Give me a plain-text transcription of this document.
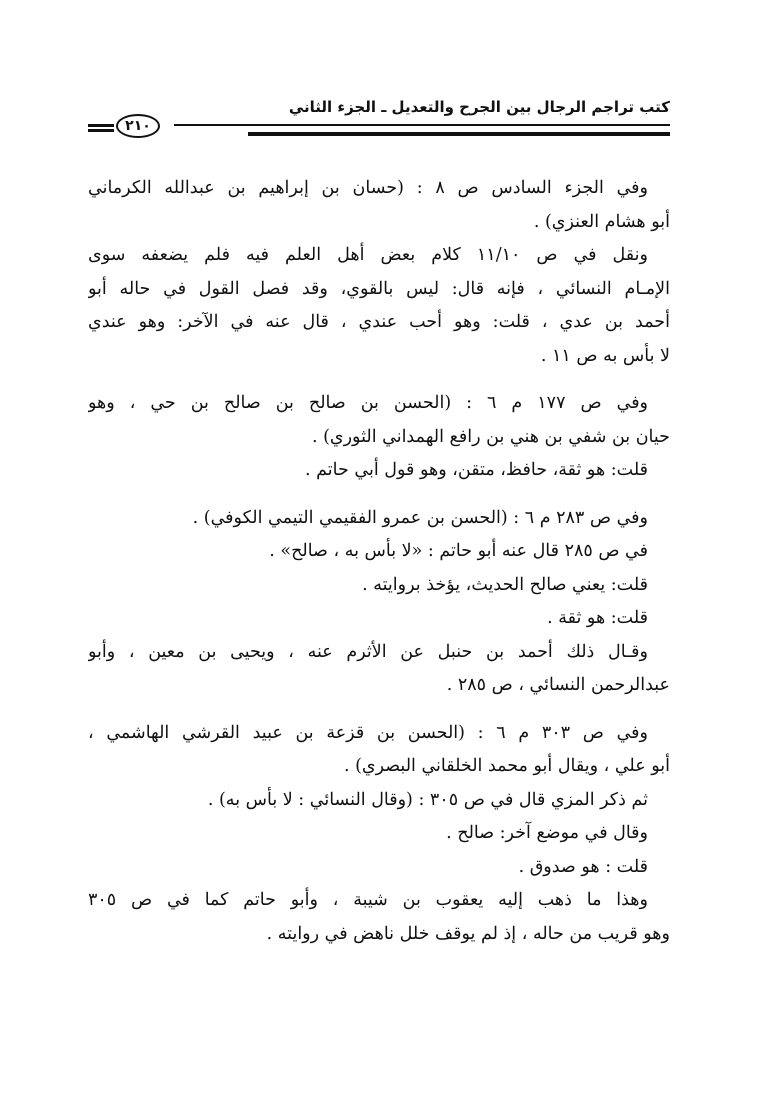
كتب تراجم الرجال بين الجرح والتعديل ـ الجزء الثاني
٢١٠
وفي الجزء السادس ص ٨ : (حسان بن إبراهيم بن عبدالله الكرماني
أبو هشام العنزي) .
ونقل في ص ١١/١٠ كلام بعض أهل العلم فيه فلم يضعفه سوى
الإمـام النسائي ، فإنه قال: ليس بالقوي، وقد فصل القول في حاله أبو
أحمد بن عدي ، قلت: وهو أحب عندي ، قال عنه في الآخر: وهو عندي
لا بأس به ص ١١ .
وفي ص ١٧٧ م ٦ : (الحسن بن صالح بن صالح بن حي ، وهو
حيان بن شفي بن هني بن رافع الهمداني الثوري) .
قلت: هو ثقة، حافظ، متقن، وهو قول أبي حاتم .
وفي ص ٢٨٣ م ٦ : (الحسن بن عمرو الفقيمي التيمي الكوفي) .
في ص ٢٨٥ قال عنه أبو حاتم : «لا بأس به ، صالح» .
قلت: يعني صالح الحديث، يؤخذ بروايته .
قلت: هو ثقة .
وقـال ذلك أحمد بن حنبل عن الأثرم عنه ، ويحيى بن معين ، وأبو
عبدالرحمن النسائي ، ص ٢٨٥ .
وفي ص ٣٠٣ م ٦ : (الحسن بن قزعة بن عبيد القرشي الهاشمي ،
أبو علي ، ويقال أبو محمد الخلقاني البصري) .
ثم ذكر المزي قال في ص ٣٠٥ : (وقال النسائي : لا بأس به) .
وقال في موضع آخر: صالح .
قلت : هو صدوق .
وهذا ما ذهب إليه يعقوب بن شيبة ، وأبو حاتم كما في ص ٣٠٥
وهو قريب من حاله ، إذ لم يوقف خلل ناهض في روايته .
